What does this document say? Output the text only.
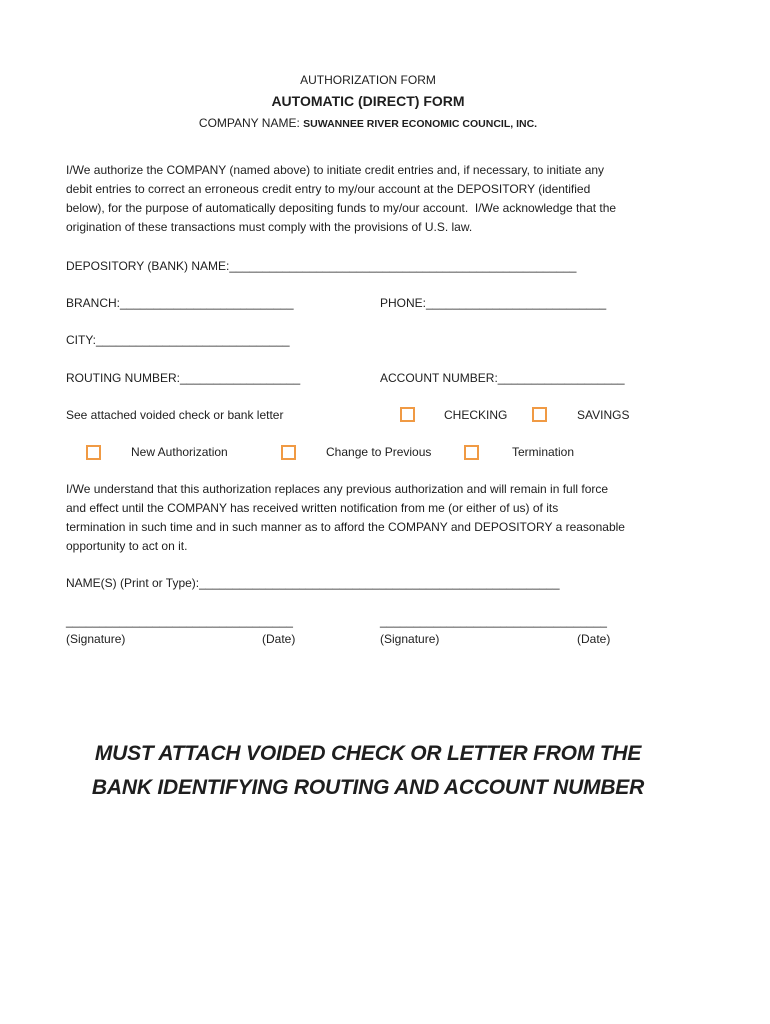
AUTHORIZATION FORM
AUTOMATIC (DIRECT) FORM
COMPANY NAME: SUWANNEE RIVER ECONOMIC COUNCIL, INC.

I/We authorize the COMPANY (named above) to initiate credit entries and, if necessary, to initiate any

debit entries to correct an erroneous credit entry to my/our account at the DEPOSITORY (identified

below), for the purpose of automatically depositing funds to my/our account.  I/We acknowledge that the

origination of these transactions must comply with the provisions of U.S. law.

DEPOSITORY (BANK) NAME:____________________________________________________
BRANCH:__________________________	PHONE:___________________________
CITY:_____________________________
ROUTING NUMBER:__________________	ACCOUNT NUMBER:___________________
See attached voided check or bank letter	CHECKING	SAVINGS
New Authorization	Change to Previous	Termination

I/We understand that this authorization replaces any previous authorization and will remain in full force

and effect until the COMPANY has received written notification from me (or either of us) of its

termination in such time and in such manner as to afford the COMPANY and DEPOSITORY a reasonable

opportunity to act on it.

NAME(S) (Print or Type):______________________________________________________
__________________________________	__________________________________
(Signature)	(Date)	(Signature)	(Date)

MUST ATTACH VOIDED CHECK OR LETTER FROM THE

BANK IDENTIFYING ROUTING AND ACCOUNT NUMBER
